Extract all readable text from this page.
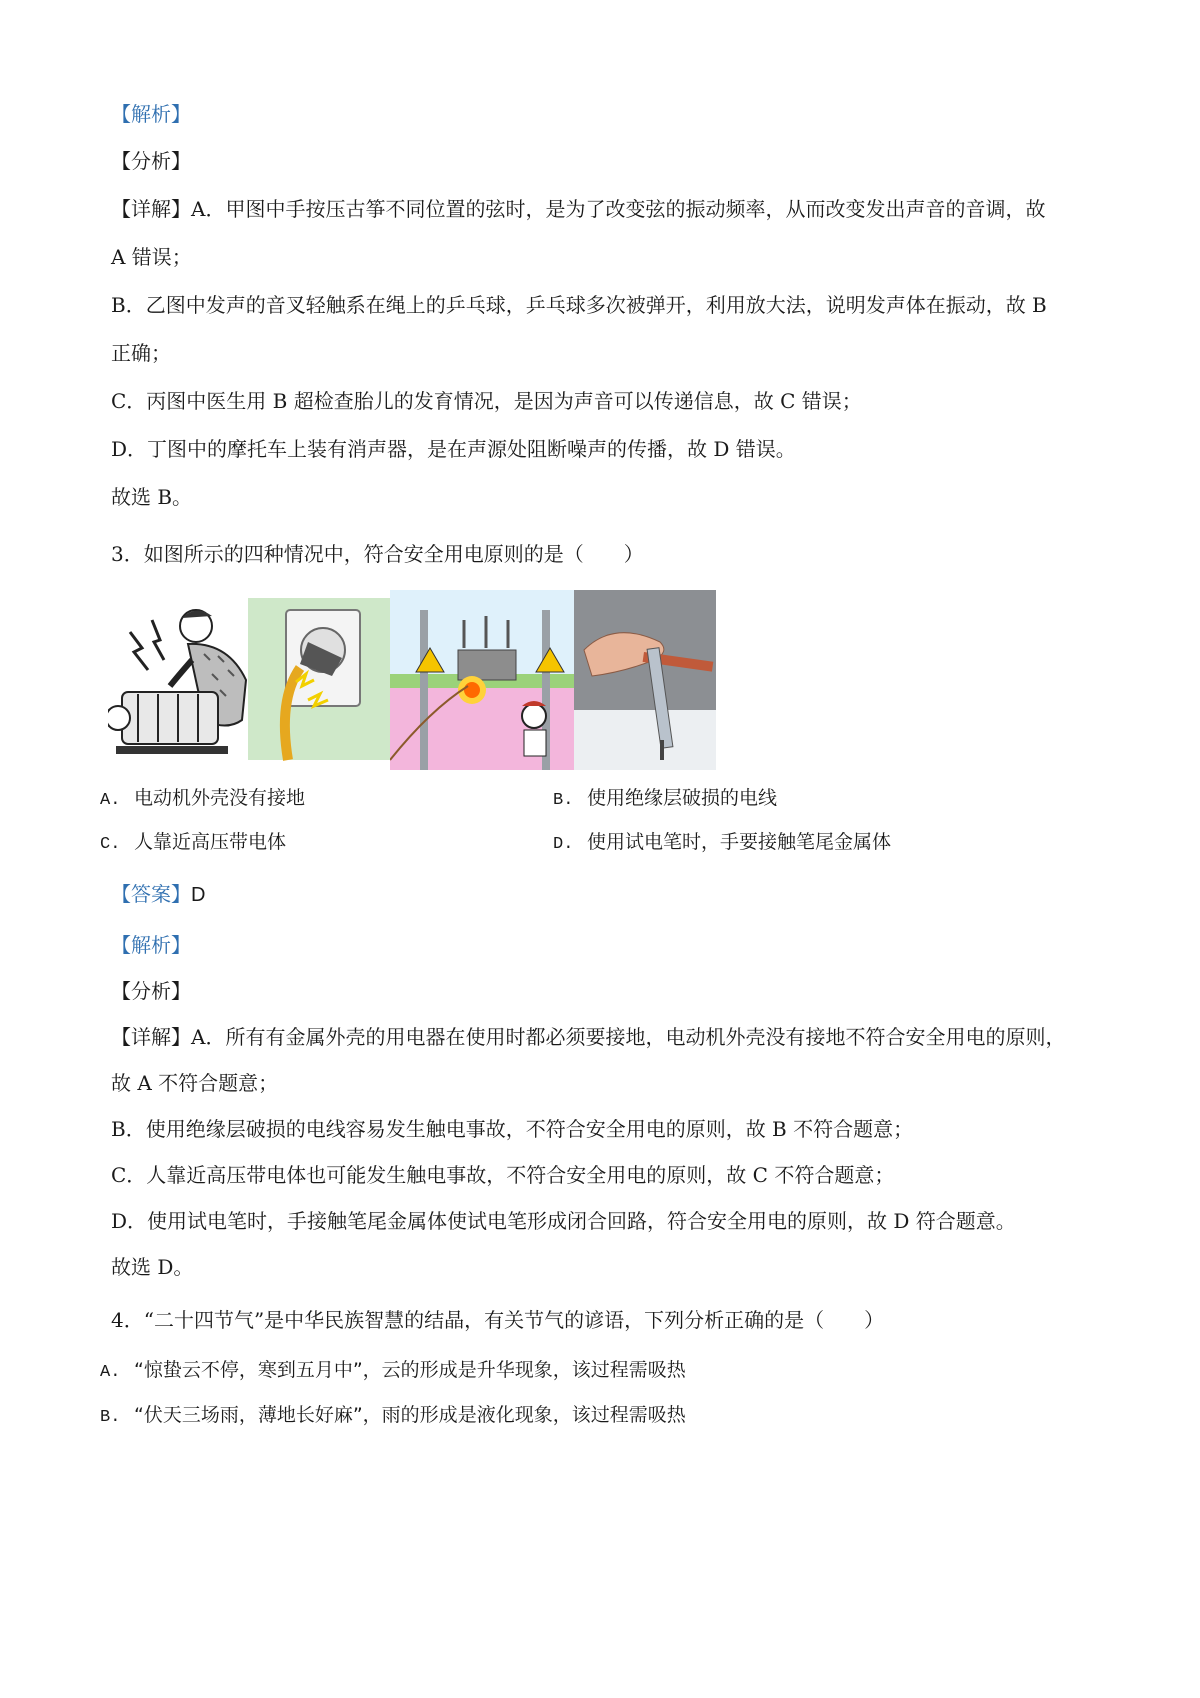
【解析】
【分析】
【详解】A．甲图中手按压古筝不同位置的弦时，是为了改变弦的振动频率，从而改变发出声音的音调，故
A 错误；
B．乙图中发声的音叉轻触系在绳上的乒乓球，乒乓球多次被弹开，利用放大法，说明发声体在振动，故 B
正确；
C．丙图中医生用 B 超检查胎儿的发育情况，是因为声音可以传递信息，故 C 错误；
D．丁图中的摩托车上装有消声器，是在声源处阻断噪声的传播，故 D 错误。
故选 B。
3．如图所示的四种情况中，符合安全用电原则的是（　　）
A. 电动机外壳没有接地	B. 使用绝缘层破损的电线
C. 人靠近高压带电体	D. 使用试电笔时，手要接触笔尾金属体
【答案】D
【解析】
【分析】
【详解】A．所有有金属外壳的用电器在使用时都必须要接地，电动机外壳没有接地不符合安全用电的原则，
故 A 不符合题意；
B．使用绝缘层破损的电线容易发生触电事故，不符合安全用电的原则，故 B 不符合题意；
C．人靠近高压带电体也可能发生触电事故，不符合安全用电的原则，故 C 不符合题意；
D．使用试电笔时，手接触笔尾金属体使试电笔形成闭合回路，符合安全用电的原则，故 D 符合题意。
故选 D。
4．“二十四节气”是中华民族智慧的结晶，有关节气的谚语，下列分析正确的是（　　）
A. “惊蛰云不停，寒到五月中”，云的形成是升华现象，该过程需吸热
B. “伏天三场雨，薄地长好麻”，雨的形成是液化现象，该过程需吸热
